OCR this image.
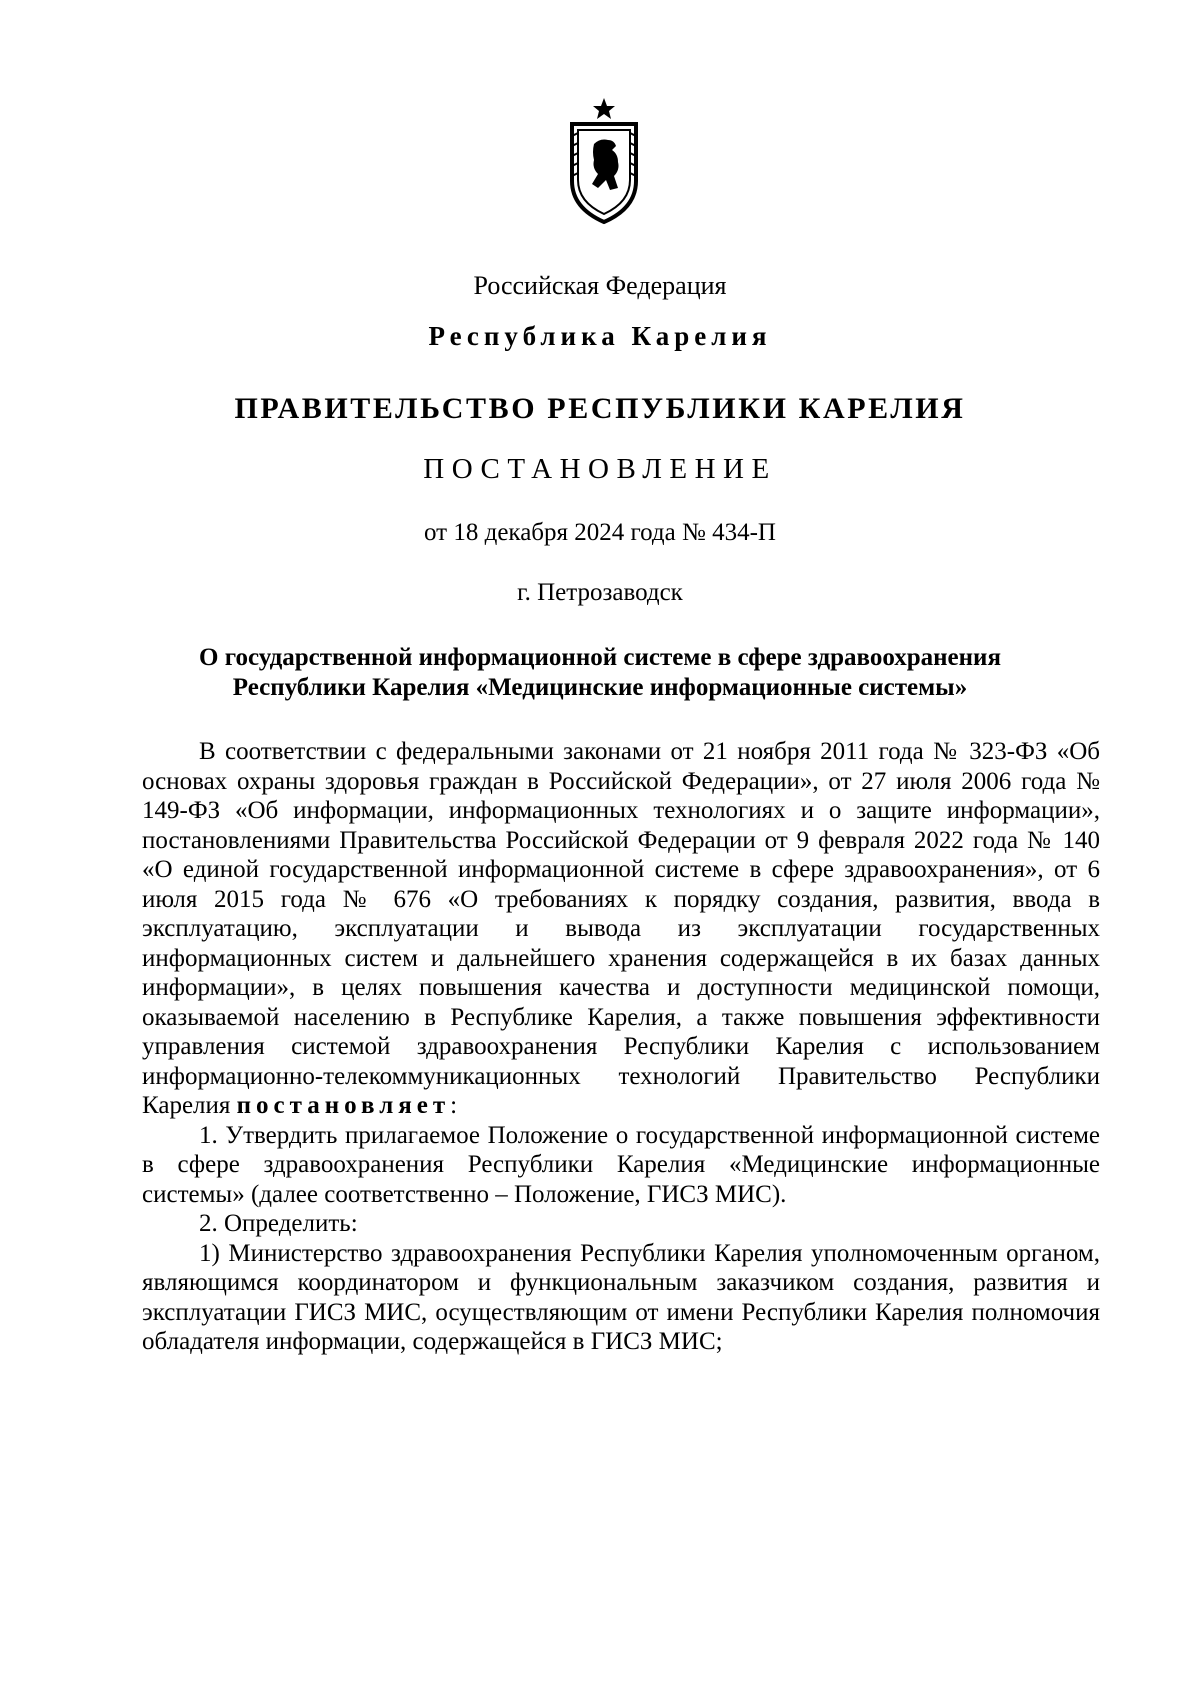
Российская Федерация
Республика Карелия
ПРАВИТЕЛЬСТВО РЕСПУБЛИКИ КАРЕЛИЯ
ПОСТАНОВЛЕНИЕ
от 18 декабря 2024 года № 434-П
г. Петрозаводск
О государственной информационной системе в сфере здравоохранения
Республики Карелия «Медицинские информационные системы»

В соответствии с федеральными законами от 21 ноября 2011 года № 323-ФЗ «Об основах охраны здоровья граждан в Российской Федерации», от 27 июля 2006 года № 149-ФЗ «Об информации, информационных технологиях и о защите информации», постановлениями Правительства Российской Федерации от 9 февраля 2022 года № 140 «О единой государственной информационной системе в сфере здравоохранения», от 6 июля 2015 года № 676 «О требованиях к порядку создания, развития, ввода в эксплуатацию, эксплуатации и вывода из эксплуатации государственных информационных систем и дальнейшего хранения содержащейся в их базах данных информации», в целях повышения качества и доступности медицинской помощи, оказываемой населению в Республике Карелия, а также повышения эффективности управления системой здравоохранения Республики Карелия с использованием информационно-телекоммуникационных технологий Правительство Республики Карелия постановляет:

1. Утвердить прилагаемое Положение о государственной информационной системе в сфере здравоохранения Республики Карелия «Медицинские информационные системы» (далее соответственно – Положение, ГИСЗ МИС).

2. Определить:

1) Министерство здравоохранения Республики Карелия уполномоченным органом, являющимся координатором и функциональным заказчиком создания, развития и эксплуатации ГИСЗ МИС, осуществляющим от имени Республики Карелия полномочия обладателя информации, содержащейся в ГИСЗ МИС;
